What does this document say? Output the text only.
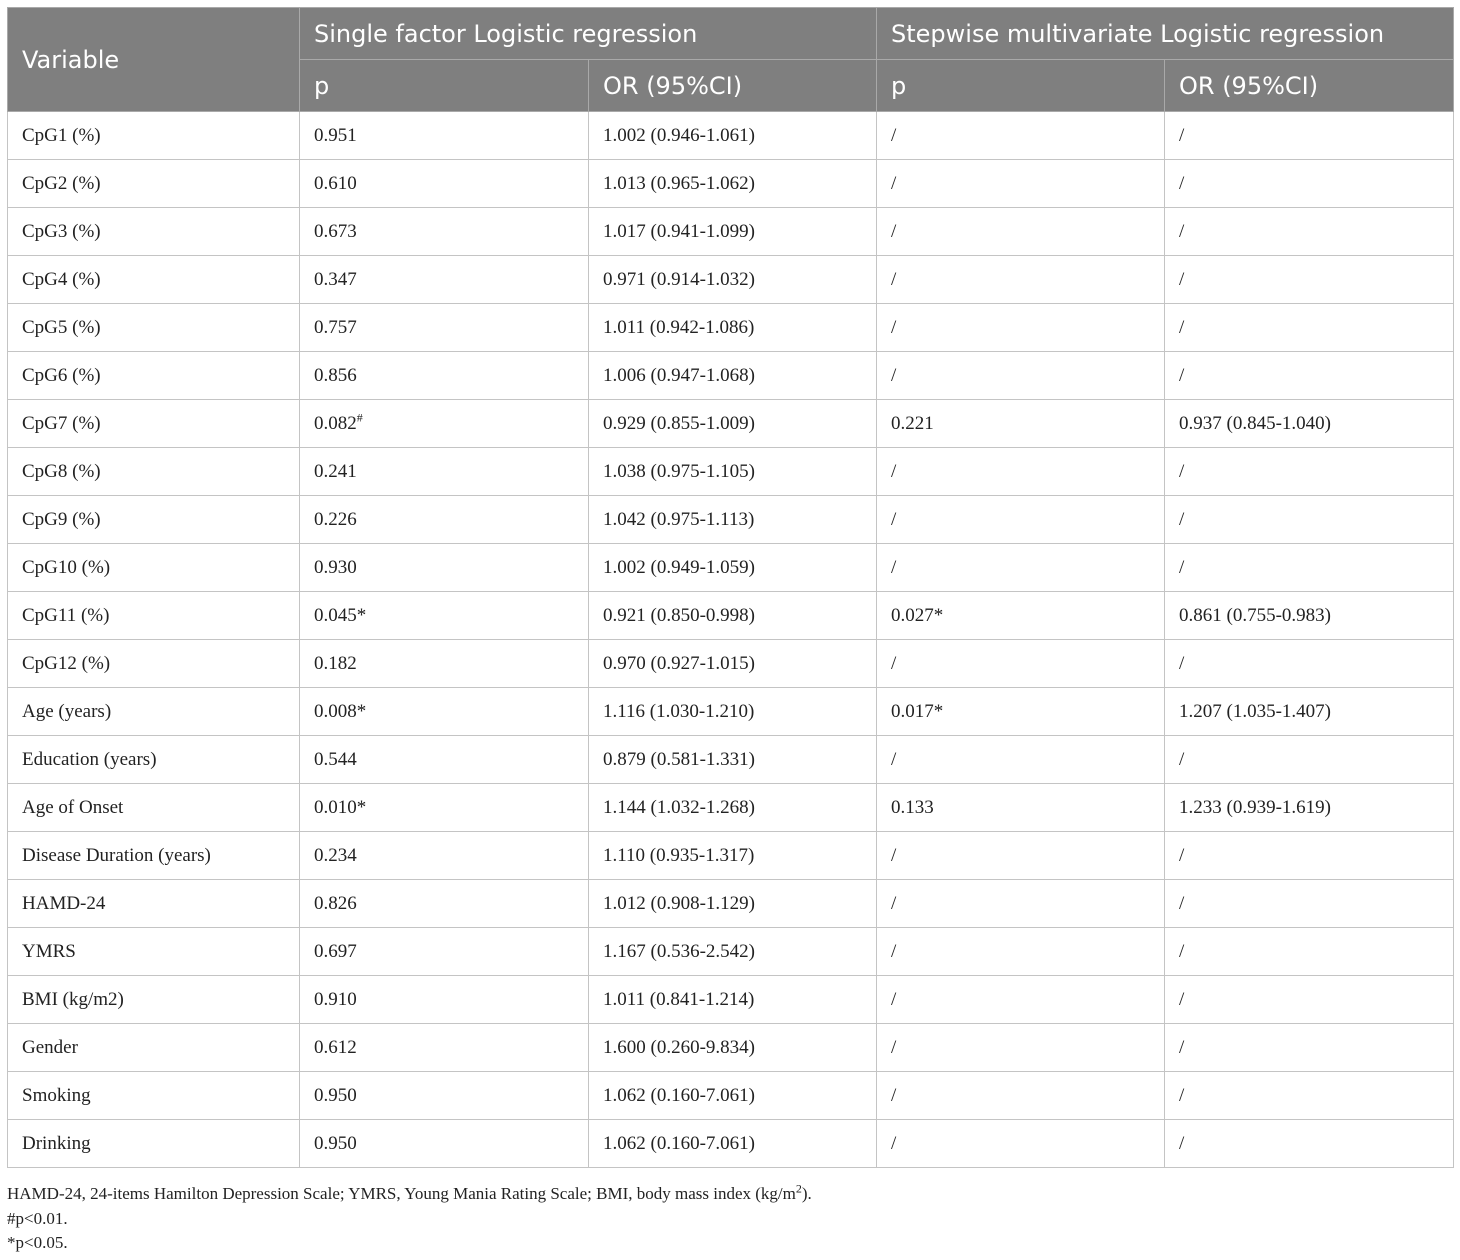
Variable	Single factor Logistic regression		Stepwise multivariate Logistic regression	
	p	OR (95%CI)	p	OR (95%CI)
CpG1 (%)	0.951	1.002 (0.946-1.061)	/	/
CpG2 (%)	0.610	1.013 (0.965-1.062)	/	/
CpG3 (%)	0.673	1.017 (0.941-1.099)	/	/
CpG4 (%)	0.347	0.971 (0.914-1.032)	/	/
CpG5 (%)	0.757	1.011 (0.942-1.086)	/	/
CpG6 (%)	0.856	1.006 (0.947-1.068)	/	/
CpG7 (%)	0.082#	0.929 (0.855-1.009)	0.221	0.937 (0.845-1.040)
CpG8 (%)	0.241	1.038 (0.975-1.105)	/	/
CpG9 (%)	0.226	1.042 (0.975-1.113)	/	/
CpG10 (%)	0.930	1.002 (0.949-1.059)	/	/
CpG11 (%)	0.045*	0.921 (0.850-0.998)	0.027*	0.861 (0.755-0.983)
CpG12 (%)	0.182	0.970 (0.927-1.015)	/	/
Age (years)	0.008*	1.116 (1.030-1.210)	0.017*	1.207 (1.035-1.407)
Education (years)	0.544	0.879 (0.581-1.331)	/	/
Age of Onset	0.010*	1.144 (1.032-1.268)	0.133	1.233 (0.939-1.619)
Disease Duration (years)	0.234	1.110 (0.935-1.317)	/	/
HAMD-24	0.826	1.012 (0.908-1.129)	/	/
YMRS	0.697	1.167 (0.536-2.542)	/	/
BMI (kg/m2)	0.910	1.011 (0.841-1.214)	/	/
Gender	0.612	1.600 (0.260-9.834)	/	/
Smoking	0.950	1.062 (0.160-7.061)	/	/
Drinking	0.950	1.062 (0.160-7.061)	/	/

HAMD-24, 24-items Hamilton Depression Scale; YMRS, Young Mania Rating Scale; BMI, body mass index $(kg/m^2)$.

#p<0.01.

*p<0.05.
